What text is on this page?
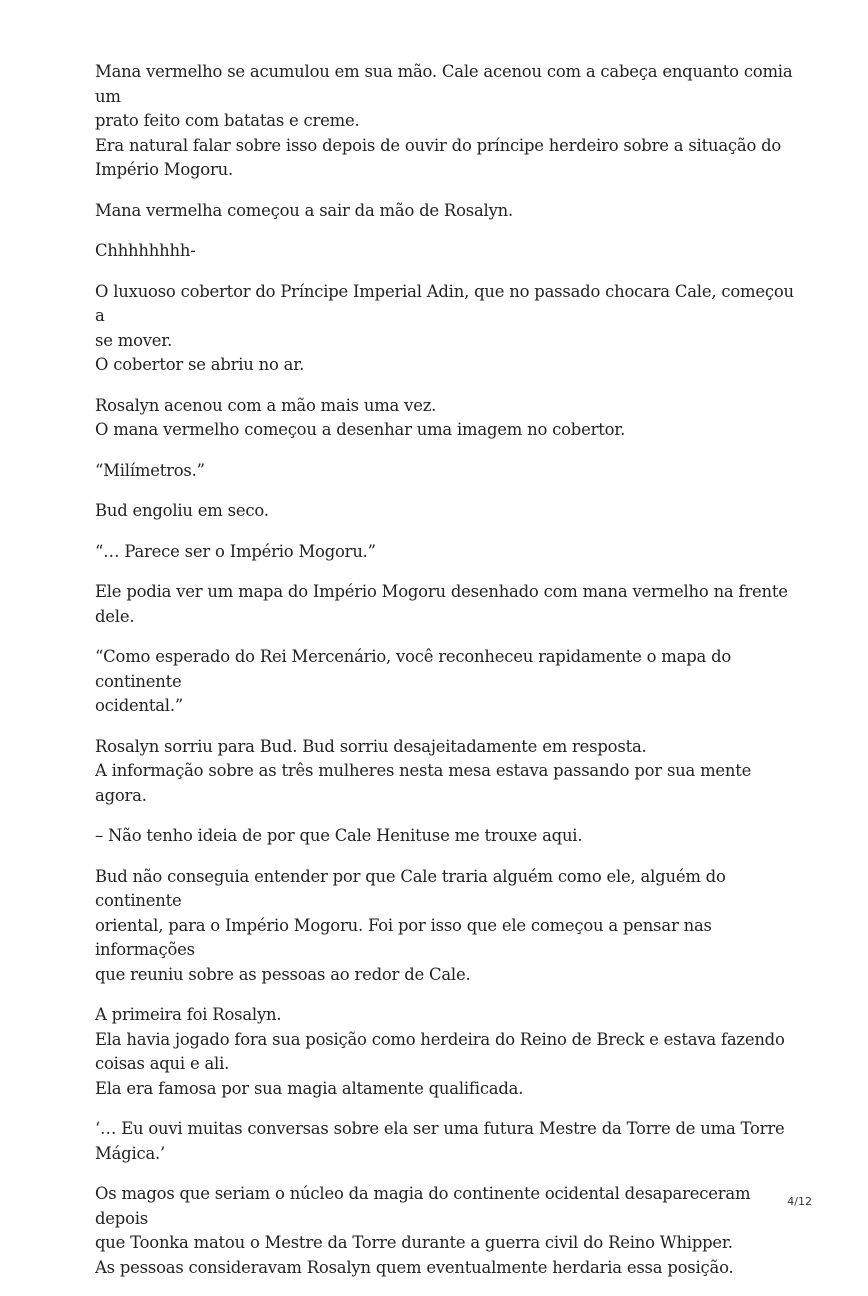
Mana vermelho se acumulou em sua mão. Cale acenou com a cabeça enquanto comia um
prato feito com batatas e creme.
Era natural falar sobre isso depois de ouvir do príncipe herdeiro sobre a situação do
Império Mogoru.

Mana vermelha começou a sair da mão de Rosalyn.

Chhhhhhhh-

O luxuoso cobertor do Príncipe Imperial Adin, que no passado chocara Cale, começou a
se mover.
O cobertor se abriu no ar.

Rosalyn acenou com a mão mais uma vez.
O mana vermelho começou a desenhar uma imagem no cobertor.

“Milímetros.”

Bud engoliu em seco.

“… Parece ser o Império Mogoru.”

Ele podia ver um mapa do Império Mogoru desenhado com mana vermelho na frente
dele.

“Como esperado do Rei Mercenário, você reconheceu rapidamente o mapa do continente
ocidental.”

Rosalyn sorriu para Bud. Bud sorriu desajeitadamente em resposta.
A informação sobre as três mulheres nesta mesa estava passando por sua mente agora.

– Não tenho ideia de por que Cale Henituse me trouxe aqui.

Bud não conseguia entender por que Cale traria alguém como ele, alguém do continente
oriental, para o Império Mogoru. Foi por isso que ele começou a pensar nas informações
que reuniu sobre as pessoas ao redor de Cale.

A primeira foi Rosalyn.
Ela havia jogado fora sua posição como herdeira do Reino de Breck e estava fazendo
coisas aqui e ali.
Ela era famosa por sua magia altamente qualificada.

‘… Eu ouvi muitas conversas sobre ela ser uma futura Mestre da Torre de uma Torre
Mágica.’

Os magos que seriam o núcleo da magia do continente ocidental desapareceram depois
que Toonka matou o Mestre da Torre durante a guerra civil do Reino Whipper.
As pessoas consideravam Rosalyn quem eventualmente herdaria essa posição.

4/12
